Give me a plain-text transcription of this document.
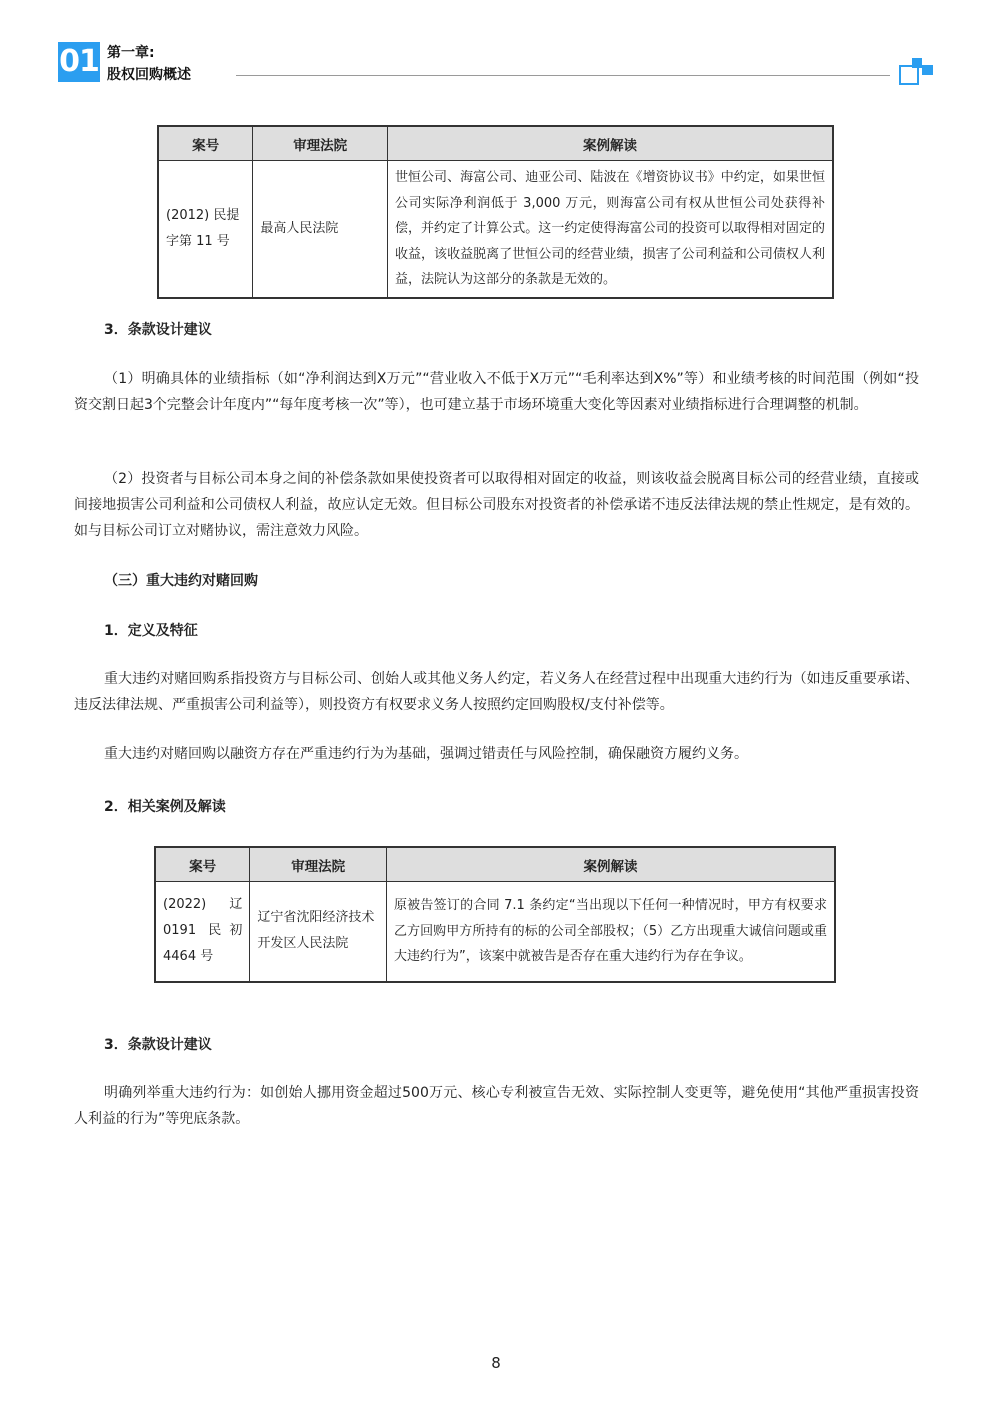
01 第一章:
股权回购概述
案号	审理法院	案例解读
(2012) 民提字第 11 号	最高人民法院	世恒公司、海富公司、迪亚公司、陆波在《增资协议书》中约定，如果世恒公司实际净利润低于 3,000 万元，则海富公司有权从世恒公司处获得补偿，并约定了计算公式。这一约定使得海富公司的投资可以取得相对固定的收益，该收益脱离了世恒公司的经营业绩，损害了公司利益和公司债权人利益，法院认为这部分的条款是无效的。
3．条款设计建议

（1）明确具体的业绩指标（如“净利润达到X万元”“营业收入不低于X万元”“毛利率达到X%”等）和业绩考核的时间范围（例如“投资交割日起3个完整会计年度内”“每年度考核一次”等），也可建立基于市场环境重大变化等因素对业绩指标进行合理调整的机制。

（2）投资者与目标公司本身之间的补偿条款如果使投资者可以取得相对固定的收益，则该收益会脱离目标公司的经营业绩，直接或间接地损害公司利益和公司债权人利益，故应认定无效。但目标公司股东对投资者的补偿承诺不违反法律法规的禁止性规定，是有效的。如与目标公司订立对赌协议，需注意效力风险。

（三）重大违约对赌回购
1．定义及特征

重大违约对赌回购系指投资方与目标公司、创始人或其他义务人约定，若义务人在经营过程中出现重大违约行为（如违反重要承诺、违反法律法规、严重损害公司利益等），则投资方有权要求义务人按照约定回购股权/支付补偿等。

重大违约对赌回购以融资方存在严重违约行为为基础，强调过错责任与风险控制，确保融资方履约义务。

2．相关案例及解读
案号	审理法院	案例解读
(2022) 辽 0191 民初 4464 号	辽宁省沈阳经济技术开发区人民法院	原被告签订的合同 7.1 条约定“当出现以下任何一种情况时，甲方有权要求乙方回购甲方所持有的标的公司全部股权；（5）乙方出现重大诚信问题或重大违约行为”，该案中就被告是否存在重大违约行为存在争议。
3．条款设计建议

明确列举重大违约行为：如创始人挪用资金超过500万元、核心专利被宣告无效、实际控制人变更等，避免使用“其他严重损害投资人利益的行为”等兜底条款。

8
